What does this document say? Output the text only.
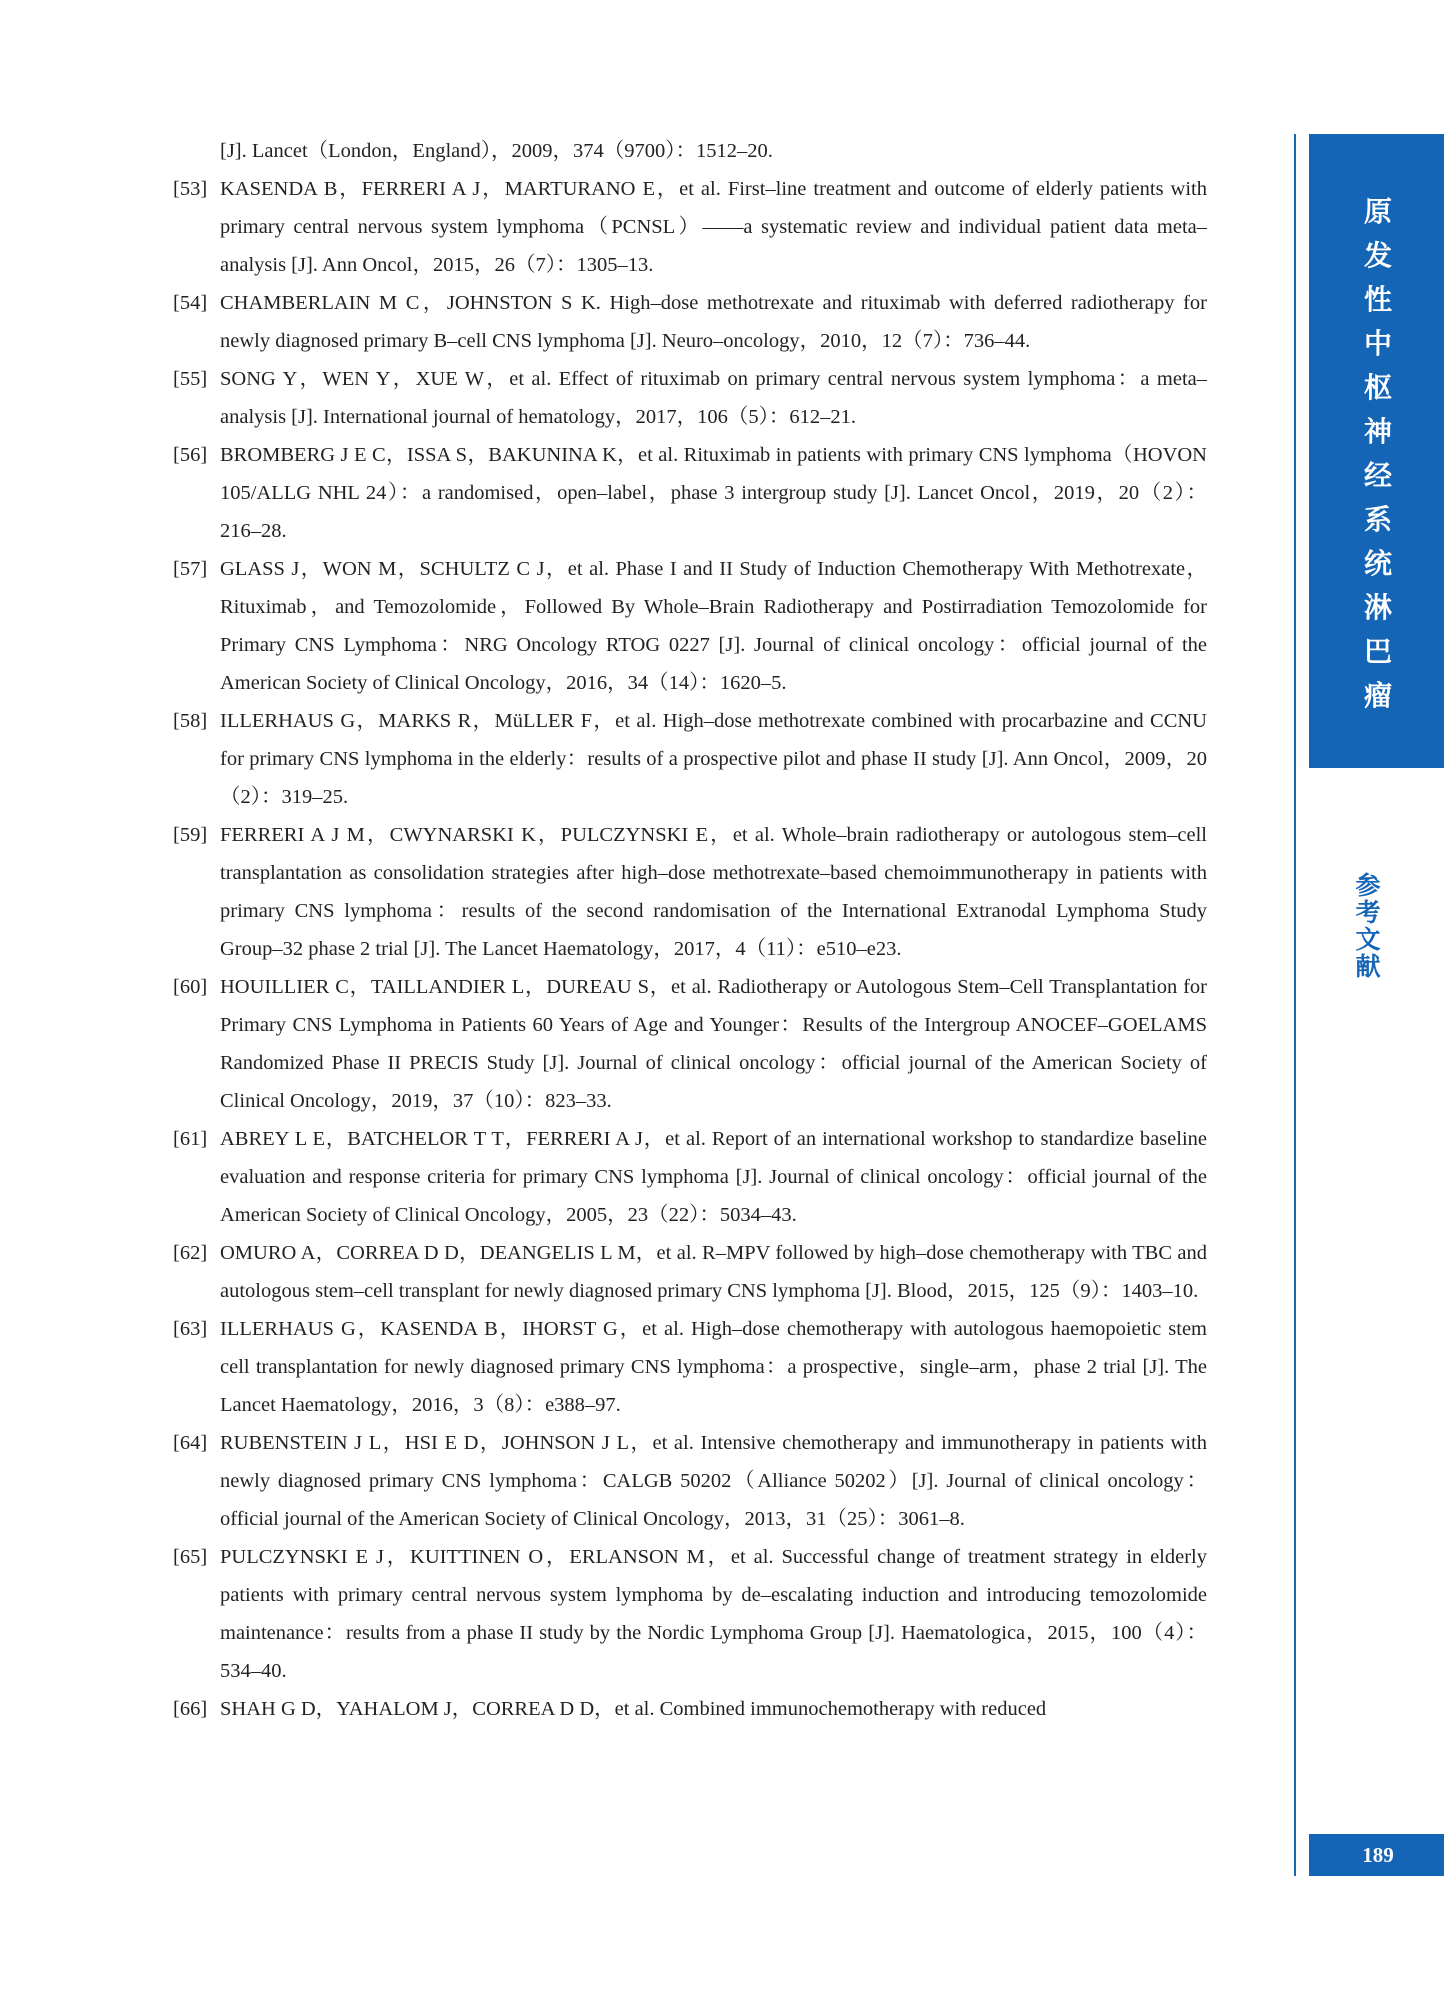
[J]. Lancet（London，England），2009，374（9700）：1512–20.
[53] KASENDA B，FERRERI A J，MARTURANO E，et al. First–line treatment and outcome of elderly patients with primary central nervous system lymphoma（PCNSL）——a systematic review and individual patient data meta–analysis [J]. Ann Oncol，2015，26（7）：1305–13.
[54] CHAMBERLAIN M C，JOHNSTON S K. High–dose methotrexate and rituximab with deferred radiotherapy for newly diagnosed primary B–cell CNS lymphoma [J]. Neuro–oncology，2010，12（7）：736–44.
[55] SONG Y，WEN Y，XUE W，et al. Effect of rituximab on primary central nervous system lymphoma：a meta–analysis [J]. International journal of hematology，2017，106（5）：612–21.
[56] BROMBERG J E C，ISSA S，BAKUNINA K，et al. Rituximab in patients with primary CNS lymphoma（HOVON 105/ALLG NHL 24）：a randomised，open–label，phase 3 intergroup study [J]. Lancet Oncol，2019，20（2）：216–28.
[57] GLASS J，WON M，SCHULTZ C J，et al. Phase I and II Study of Induction Chemotherapy With Methotrexate，Rituximab，and Temozolomide，Followed By Whole–Brain Radiotherapy and Postirradiation Temozolomide for Primary CNS Lymphoma：NRG Oncology RTOG 0227 [J]. Journal of clinical oncology：official journal of the American Society of Clinical Oncology，2016，34（14）：1620–5.
[58] ILLERHAUS G，MARKS R，MüLLER F，et al. High–dose methotrexate combined with procarbazine and CCNU for primary CNS lymphoma in the elderly：results of a prospective pilot and phase II study [J]. Ann Oncol，2009，20（2）：319–25.
[59] FERRERI A J M，CWYNARSKI K，PULCZYNSKI E，et al. Whole–brain radiotherapy or autologous stem–cell transplantation as consolidation strategies after high–dose methotrexate–based chemoimmunotherapy in patients with primary CNS lymphoma：results of the second randomisation of the International Extranodal Lymphoma Study Group–32 phase 2 trial [J]. The Lancet Haematology，2017，4（11）：e510–e23.
[60] HOUILLIER C，TAILLANDIER L，DUREAU S，et al. Radiotherapy or Autologous Stem–Cell Transplantation for Primary CNS Lymphoma in Patients 60 Years of Age and Younger：Results of the Intergroup ANOCEF–GOELAMS Randomized Phase II PRECIS Study [J]. Journal of clinical oncology：official journal of the American Society of Clinical Oncology，2019，37（10）：823–33.
[61] ABREY L E，BATCHELOR T T，FERRERI A J，et al. Report of an international workshop to standardize baseline evaluation and response criteria for primary CNS lymphoma [J]. Journal of clinical oncology：official journal of the American Society of Clinical Oncology，2005，23（22）：5034–43.
[62] OMURO A，CORREA D D，DEANGELIS L M，et al. R–MPV followed by high–dose chemotherapy with TBC and autologous stem–cell transplant for newly diagnosed primary CNS lymphoma [J]. Blood，2015，125（9）：1403–10.
[63] ILLERHAUS G，KASENDA B，IHORST G，et al. High–dose chemotherapy with autologous haemopoietic stem cell transplantation for newly diagnosed primary CNS lymphoma：a prospective，single–arm，phase 2 trial [J]. The Lancet Haematology，2016，3（8）：e388–97.
[64] RUBENSTEIN J L，HSI E D，JOHNSON J L，et al. Intensive chemotherapy and immunotherapy in patients with newly diagnosed primary CNS lymphoma：CALGB 50202（Alliance 50202）[J]. Journal of clinical oncology：official journal of the American Society of Clinical Oncology，2013，31（25）：3061–8.
[65] PULCZYNSKI E J，KUITTINEN O，ERLANSON M，et al. Successful change of treatment strategy in elderly patients with primary central nervous system lymphoma by de–escalating induction and introducing temozolomide maintenance：results from a phase II study by the Nordic Lymphoma Group [J]. Haematologica，2015，100（4）：534–40.
[66] SHAH G D，YAHALOM J，CORREA D D，et al. Combined immunochemotherapy with reduced
原
发
性
中
枢
神
经
系
统
淋
巴
瘤
参
考
文
献
189
